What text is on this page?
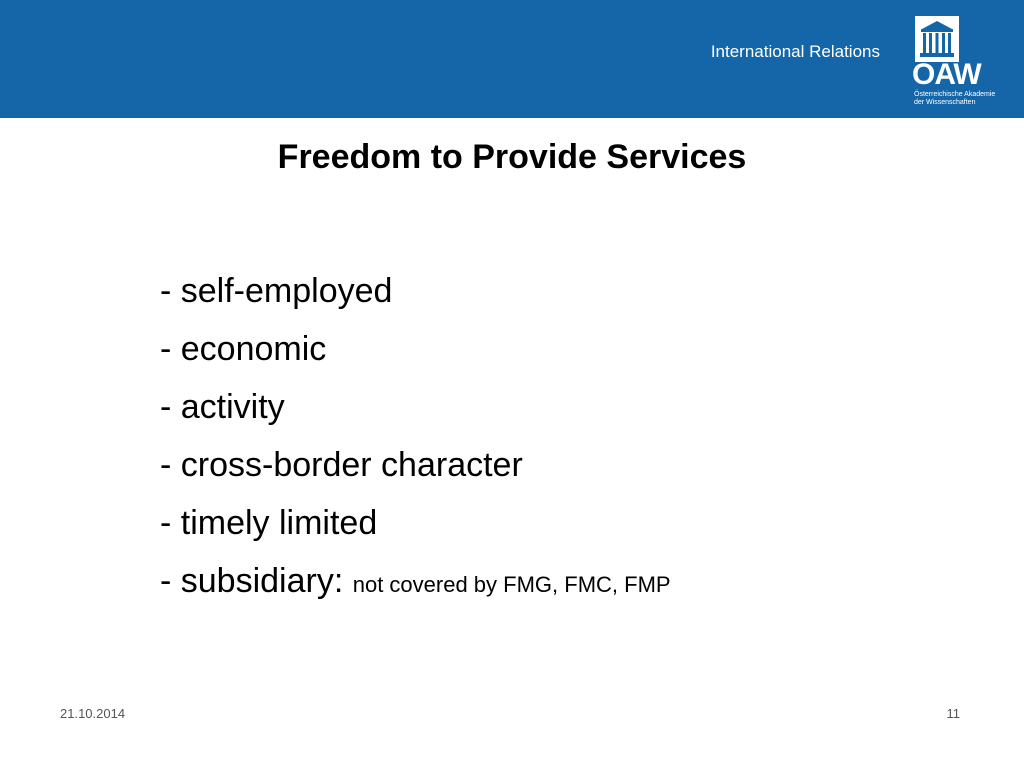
International Relations
ÖAW
Österreichische Akademie
der Wissenschaften
Freedom to Provide Services
- self-employed
- economic
- activity
- cross-border character
- timely limited
- subsidiary: not covered by FMG, FMC, FMP
21.10.2014	11
